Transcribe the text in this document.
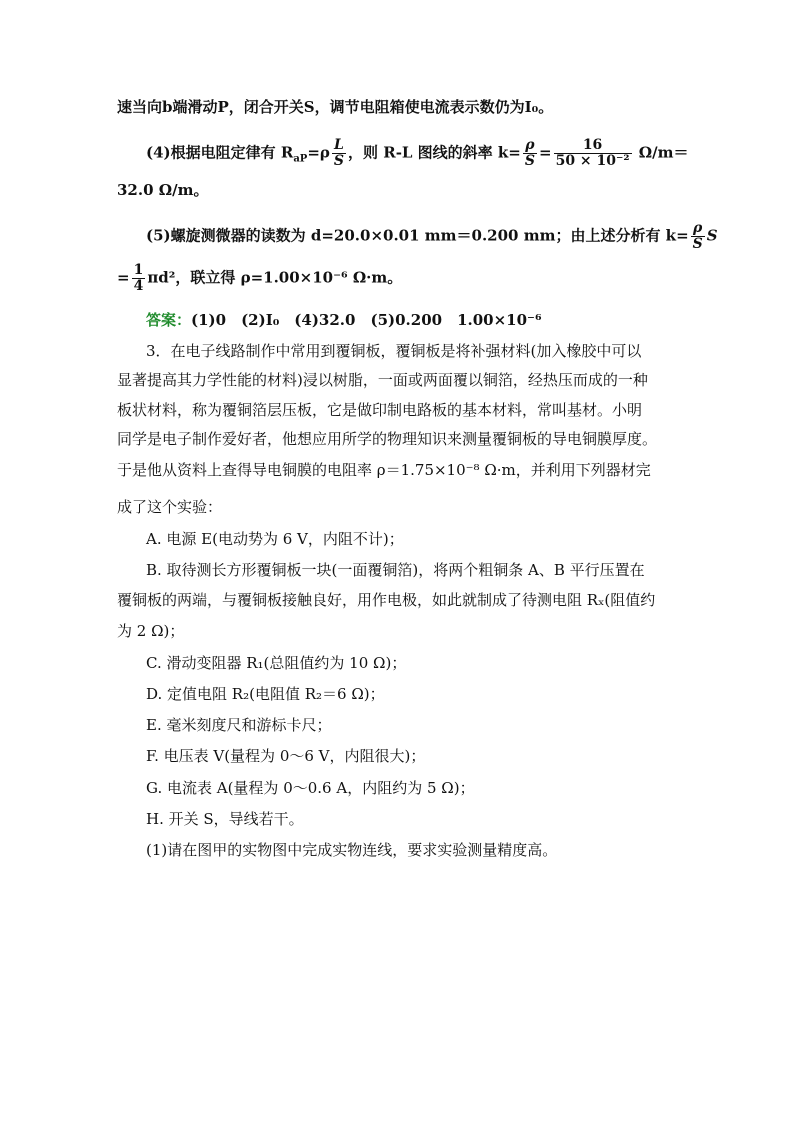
速当向b端滑动P，闭合开关S，调节电阻箱使电流表示数仍为I₀。
(4)根据电阻定律有 $R_{aP}=\rho \frac{L}{S}$ ，则 R-L 图线的斜率 $k= \frac{\rho}{S} = \frac{16}{\text{50 × 10⁻²}} \Omega/m=$
32.0 Ω/m。
(5)螺旋测微器的读数为 d=20.0×0.01 mm＝0.200 mm；由上述分析有 $k= \frac{\rho}{S}$ S
= $\frac{1}{4} \pi d^2$，联立得 ρ=1.00×10⁻⁶ Ω·m。
答案：(1)0　(2)I₀　(4)32.0　(5)0.200　1.00×10⁻⁶
3．在电子线路制作中常用到覆铜板，覆铜板是将补强材料(加入橡胶中可以
显著提高其力学性能的材料)浸以树脂，一面或两面覆以铜箔，经热压而成的一种
板状材料，称为覆铜箔层压板，它是做印制电路板的基本材料，常叫基材。小明
同学是电子制作爱好者，他想应用所学的物理知识来测量覆铜板的导电铜膜厚度。
于是他从资料上查得导电铜膜的电阻率 ρ＝1.75×10⁻⁸ Ω·m，并利用下列器材完
成了这个实验：
A. 电源 E(电动势为 6 V，内阻不计)；
B. 取待测长方形覆铜板一块(一面覆铜箔)，将两个粗铜条 A、B 平行压置在
覆铜板的两端，与覆铜板接触良好，用作电极，如此就制成了待测电阻 Rₓ(阻值约
为 2 Ω)；
C. 滑动变阻器 R₁(总阻值约为 10 Ω)；
D. 定值电阻 R₂(电阻值 R₂＝6 Ω)；
E. 毫米刻度尺和游标卡尺；
F. 电压表 V(量程为 0～6 V，内阻很大)；
G. 电流表 A(量程为 0～0.6 A，内阻约为 5 Ω)；
H. 开关 S，导线若干。
(1)请在图甲的实物图中完成实物连线，要求实验测量精度高。
